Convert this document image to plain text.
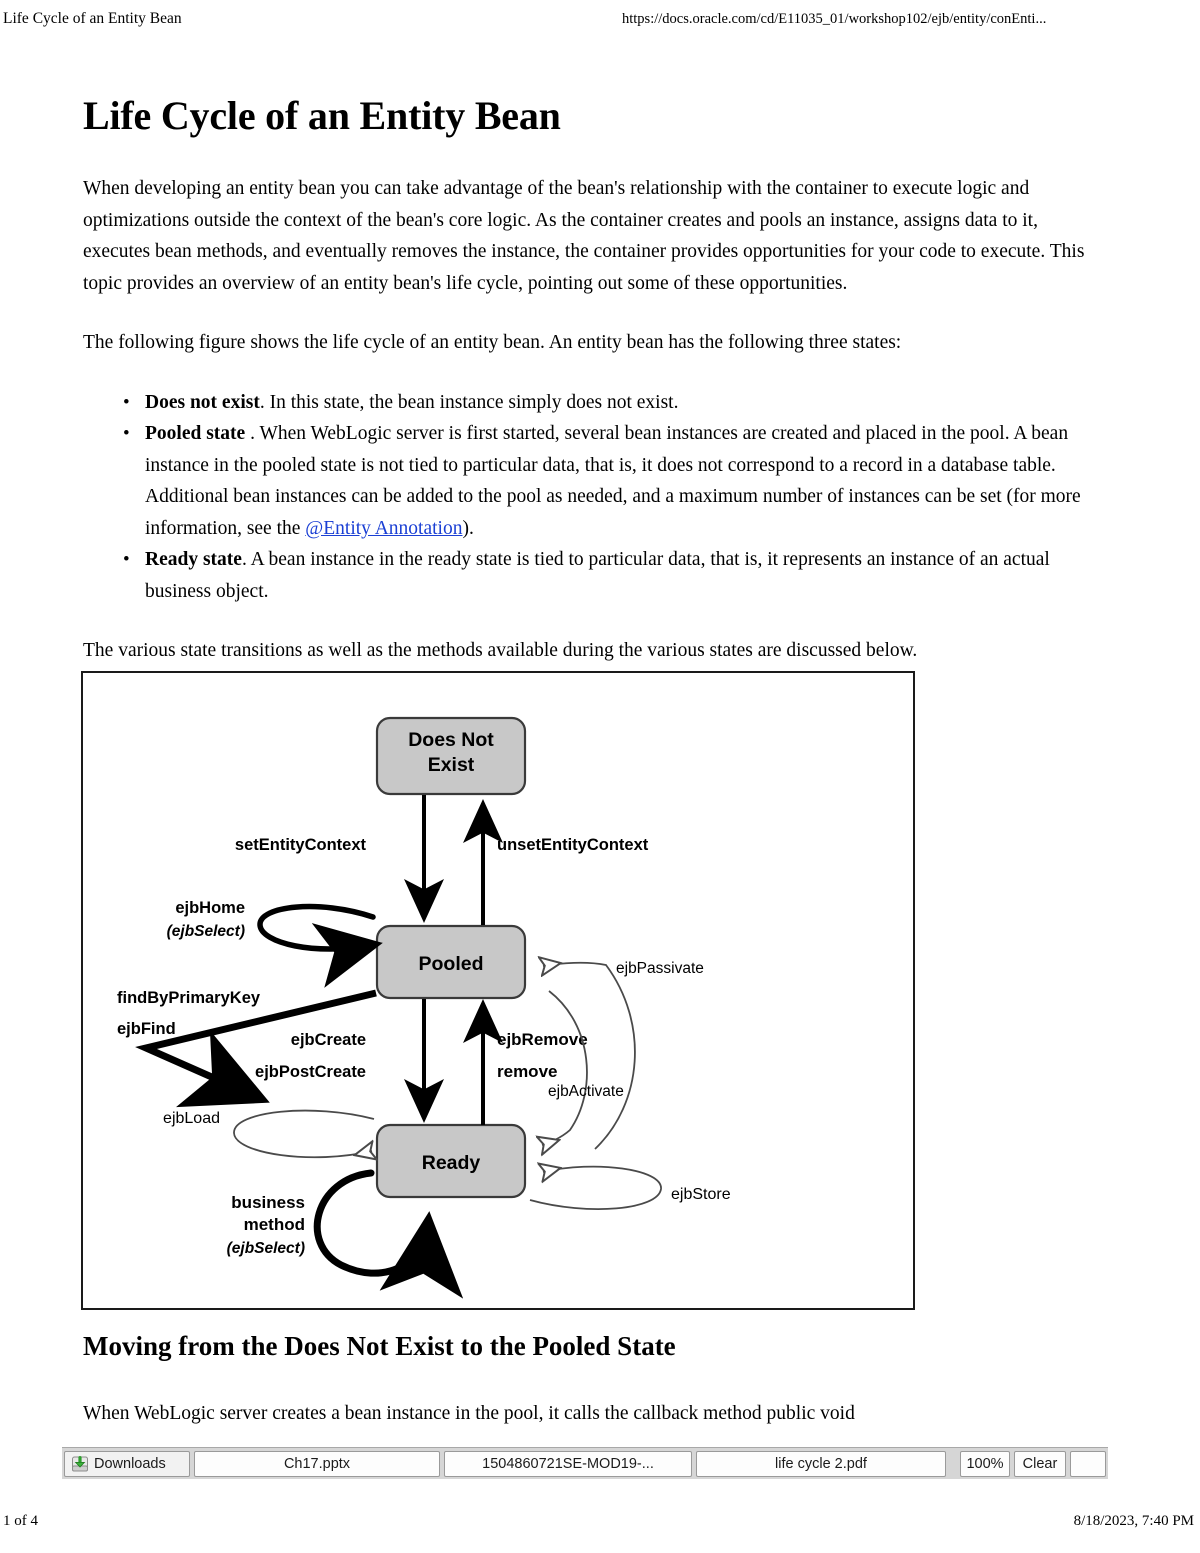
Life Cycle of an Entity Bean	https://docs.oracle.com/cd/E11035_01/workshop102/ejb/entity/conEnti...
Life Cycle of an Entity Bean

When developing an entity bean you can take advantage of the bean's relationship with the container to execute logic and optimizations outside the context of the bean's core logic. As the container creates and pools an instance, assigns data to it, executes bean methods, and eventually removes the instance, the container provides opportunities for your code to execute. This topic provides an overview of an entity bean's life cycle, pointing out some of these opportunities.

The following figure shows the life cycle of an entity bean. An entity bean has the following three states:

• Does not exist. In this state, the bean instance simply does not exist.
• Pooled state . When WebLogic server is first started, several bean instances are created and placed in the pool. A bean instance in the pooled state is not tied to particular data, that is, it does not correspond to a record in a database table. Additional bean instances can be added to the pool as needed, and a maximum number of instances can be set (for more information, see the @Entity Annotation).
• Ready state. A bean instance in the ready state is tied to particular data, that is, it represents an instance of an actual business object.

The various state transitions as well as the methods available during the various states are discussed below.

Does Not
Exist
Pooled
Ready
setEntityContext	unsetEntityContext
ejbHome
(ejbSelect)
findByPrimaryKey
ejbFind
ejbCreate
ejbPostCreate
ejbRemove
remove
ejbPassivate
ejbActivate
ejbLoad
business
method
(ejbSelect)
ejbStore
Moving from the Does Not Exist to the Pooled State

When WebLogic server creates a bean instance in the pool, it calls the callback method public void

Downloads	Ch17.pptx	1504860721SE-MOD19-...	life cycle 2.pdf	100% Clear
1 of 4	8/18/2023, 7:40 PM
